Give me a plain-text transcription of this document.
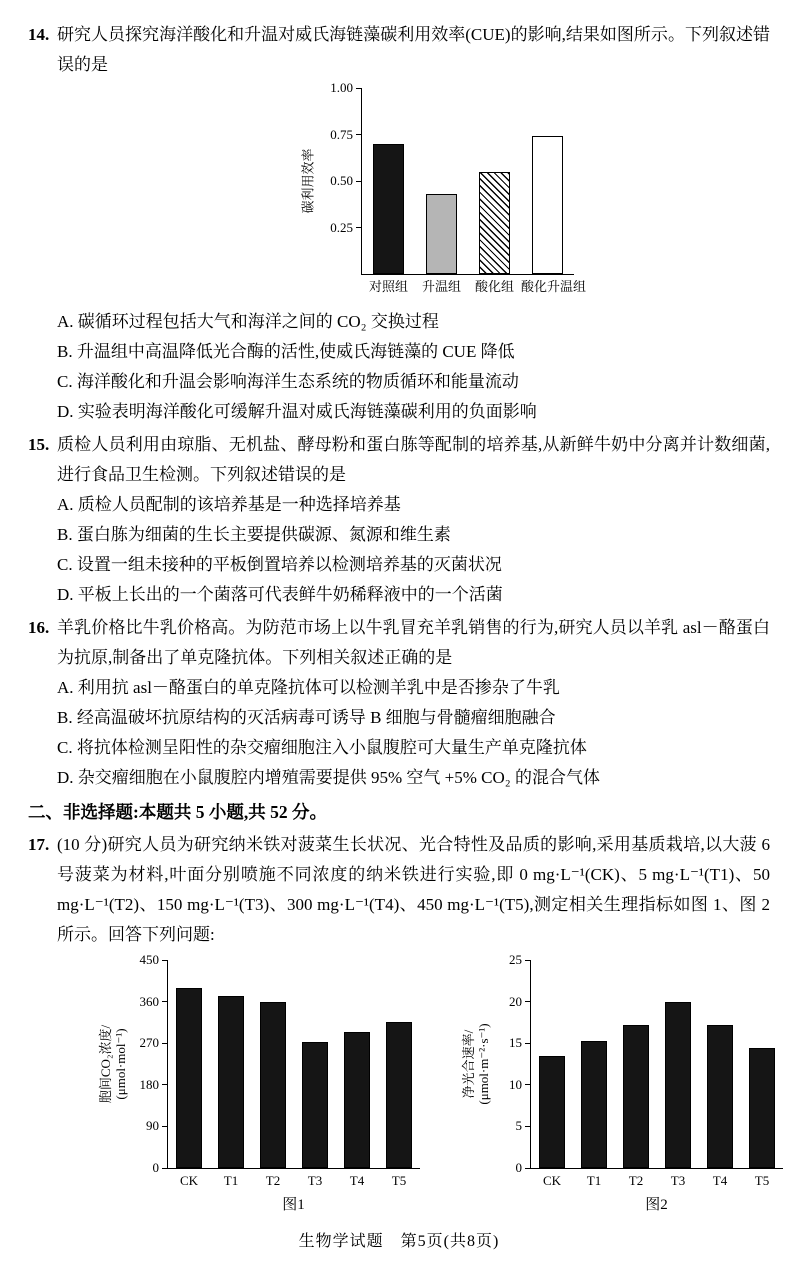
14. 研究人员探究海洋酸化和升温对威氏海链藻碳利用效率(CUE)的影响,结果如图所示。下列叙述错误的是
碳利用效率
0.25
0.50
0.75
1.00
对照组	升温组	酸化组 酸化升温组
A. 碳循环过程包括大气和海洋之间的 CO₂ 交换过程
B. 升温组中高温降低光合酶的活性,使威氏海链藻的 CUE 降低
C. 海洋酸化和升温会影响海洋生态系统的物质循环和能量流动
D. 实验表明海洋酸化可缓解升温对威氏海链藻碳利用的负面影响
15. 质检人员利用由琼脂、无机盐、酵母粉和蛋白胨等配制的培养基,从新鲜牛奶中分离并计数细菌,进行食品卫生检测。下列叙述错误的是
A. 质检人员配制的该培养基是一种选择培养基
B. 蛋白胨为细菌的生长主要提供碳源、氮源和维生素
C. 设置一组未接种的平板倒置培养以检测培养基的灭菌状况
D. 平板上长出的一个菌落可代表鲜牛奶稀释液中的一个活菌
16. 羊乳价格比牛乳价格高。为防范市场上以牛乳冒充羊乳销售的行为,研究人员以羊乳 asl－酪蛋白为抗原,制备出了单克隆抗体。下列相关叙述正确的是
A. 利用抗 asl－酪蛋白的单克隆抗体可以检测羊乳中是否掺杂了牛乳
B. 经高温破坏抗原结构的灭活病毒可诱导 B 细胞与骨髓瘤细胞融合
C. 将抗体检测呈阳性的杂交瘤细胞注入小鼠腹腔可大量生产单克隆抗体
D. 杂交瘤细胞在小鼠腹腔内增殖需要提供 95% 空气 +5% CO₂ 的混合气体
二、非选择题:本题共 5 小题,共 52 分。
17. (10 分)研究人员为研究纳米铁对菠菜生长状况、光合特性及品质的影响,采用基质栽培,以大菠 6 号菠菜为材料,叶面分别喷施不同浓度的纳米铁进行实验,即 0 mg·L⁻¹(CK)、5 mg·L⁻¹(T1)、50 mg·L⁻¹(T2)、150 mg·L⁻¹(T3)、300 mg·L⁻¹(T4)、450 mg·L⁻¹(T5),测定相关生理指标如图 1、图 2 所示。回答下列问题:
胞间CO₂浓度/ (μmol·mol⁻¹)
0
90
180
270
360
450
CK	T1	T2	T3	T4	T5
图1
净光合速率/ (μmol·m⁻²·s⁻¹)
0
5
10
15
20
25
CK	T1	T2	T3	T4	T5
图2
生物学试题　第5页(共8页)
